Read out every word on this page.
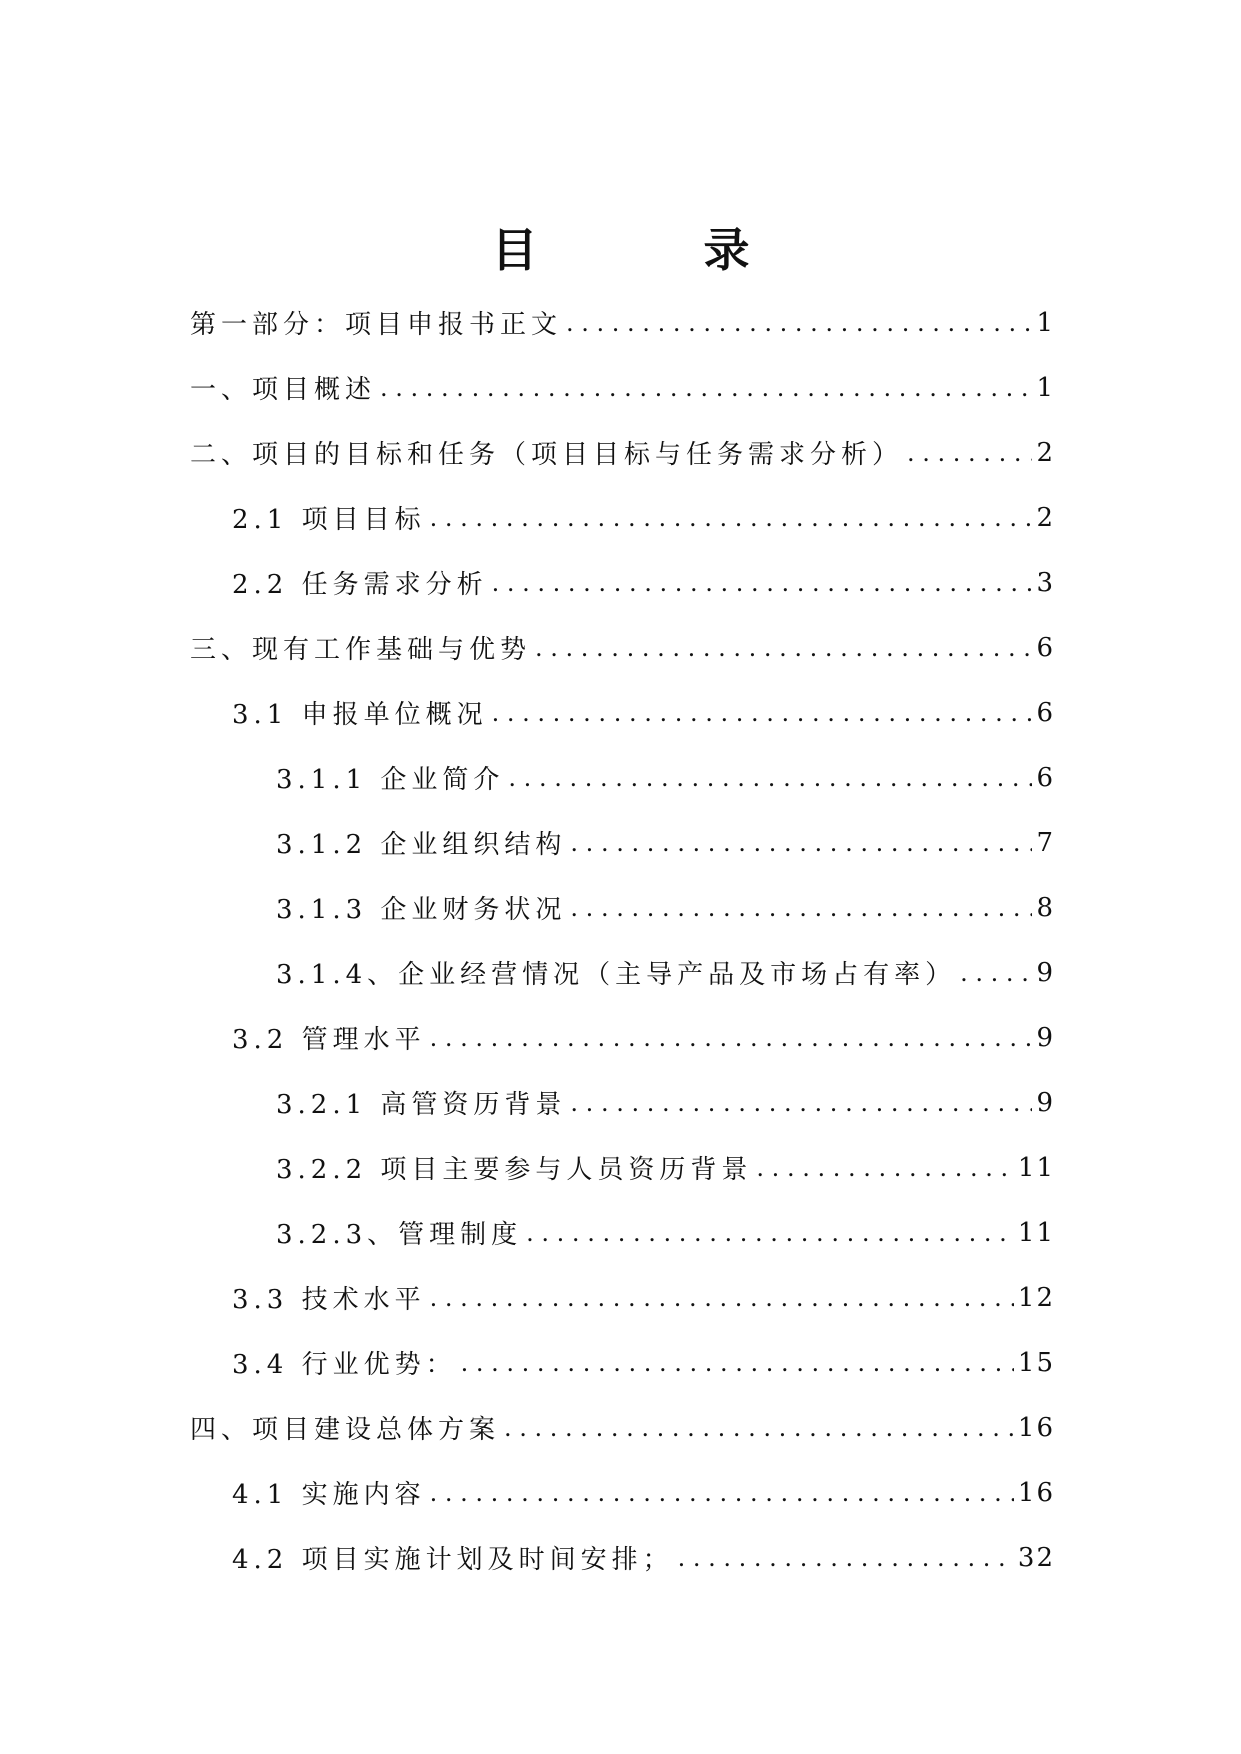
目　录
第一部分：项目申报书正文 . . .	1
一、项目概述 . . .	1
二、项目的目标和任务（项目目标与任务需求分析） . . .	2
2.1 项目目标 . . .	2
2.2 任务需求分析 . . .	3
三、现有工作基础与优势 . . .	6
3.1 申报单位概况 . . .	6
3.1.1 企业简介 . . .	6
3.1.2 企业组织结构 . . .	7
3.1.3 企业财务状况 . . .	8
3.1.4、企业经营情况（主导产品及市场占有率） . . .	9
3.2 管理水平 . . .	9
3.2.1 高管资历背景 . . .	9
3.2.2 项目主要参与人员资历背景 . . .	11
3.2.3、管理制度 . . .	11
3.3 技术水平 . . .	12
3.4 行业优势： . . .	15
四、项目建设总体方案 . . .	16
4.1 实施内容 . . .	16
4.2 项目实施计划及时间安排； . . .	32
